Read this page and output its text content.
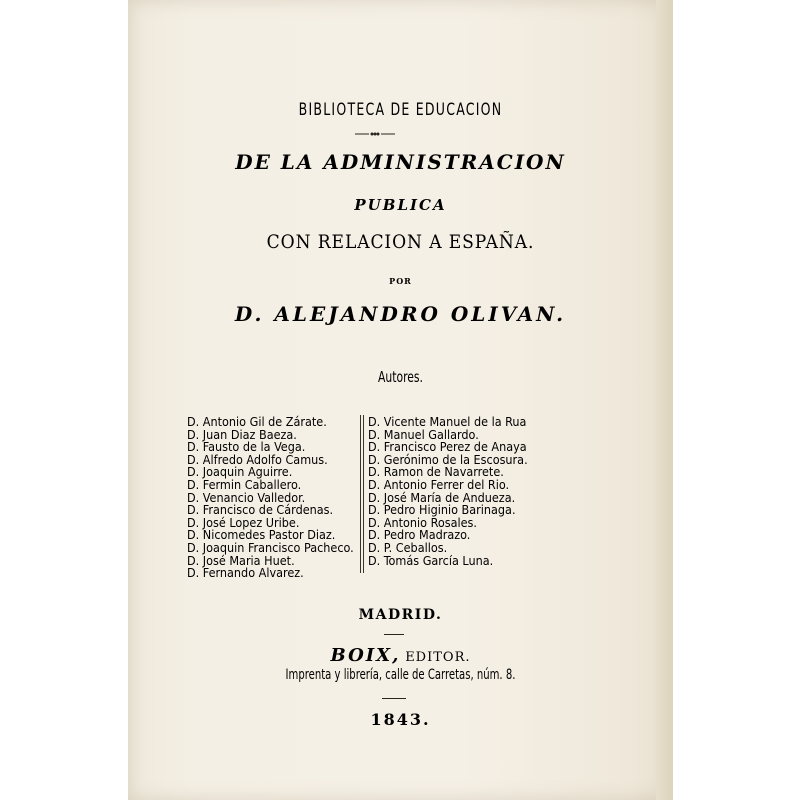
BIBLIOTECA DE EDUCACION
DE LA ADMINISTRACION
PUBLICA
CON RELACION A ESPAÑA.
POR
D. ALEJANDRO OLIVAN.
Autores.
D. Antonio Gil de Zárate.
D. Juan Diaz Baeza.
D. Fausto de la Vega.
D. Alfredo Adolfo Camus.
D. Joaquin Aguirre.
D. Fermin Caballero.
D. Venancio Valledor.
D. Francisco de Cárdenas.
D. José Lopez Uribe.
D. Nicomedes Pastor Diaz.
D. Joaquin Francisco Pacheco.
D. José Maria Huet.
D. Fernando Alvarez.
D. Vicente Manuel de la Rua
D. Manuel Gallardo.
D. Francisco Perez de Anaya
D. Gerónimo de la Escosura.
D. Ramon de Navarrete.
D. Antonio Ferrer del Rio.
D. José María de Andueza.
D. Pedro Higinio Barinaga.
D. Antonio Rosales.
D. Pedro Madrazo.
D. P. Ceballos.
D. Tomás García Luna.
MADRID.
BOIX, EDITOR.
Imprenta y librería, calle de Carretas, núm. 8.
1843.
